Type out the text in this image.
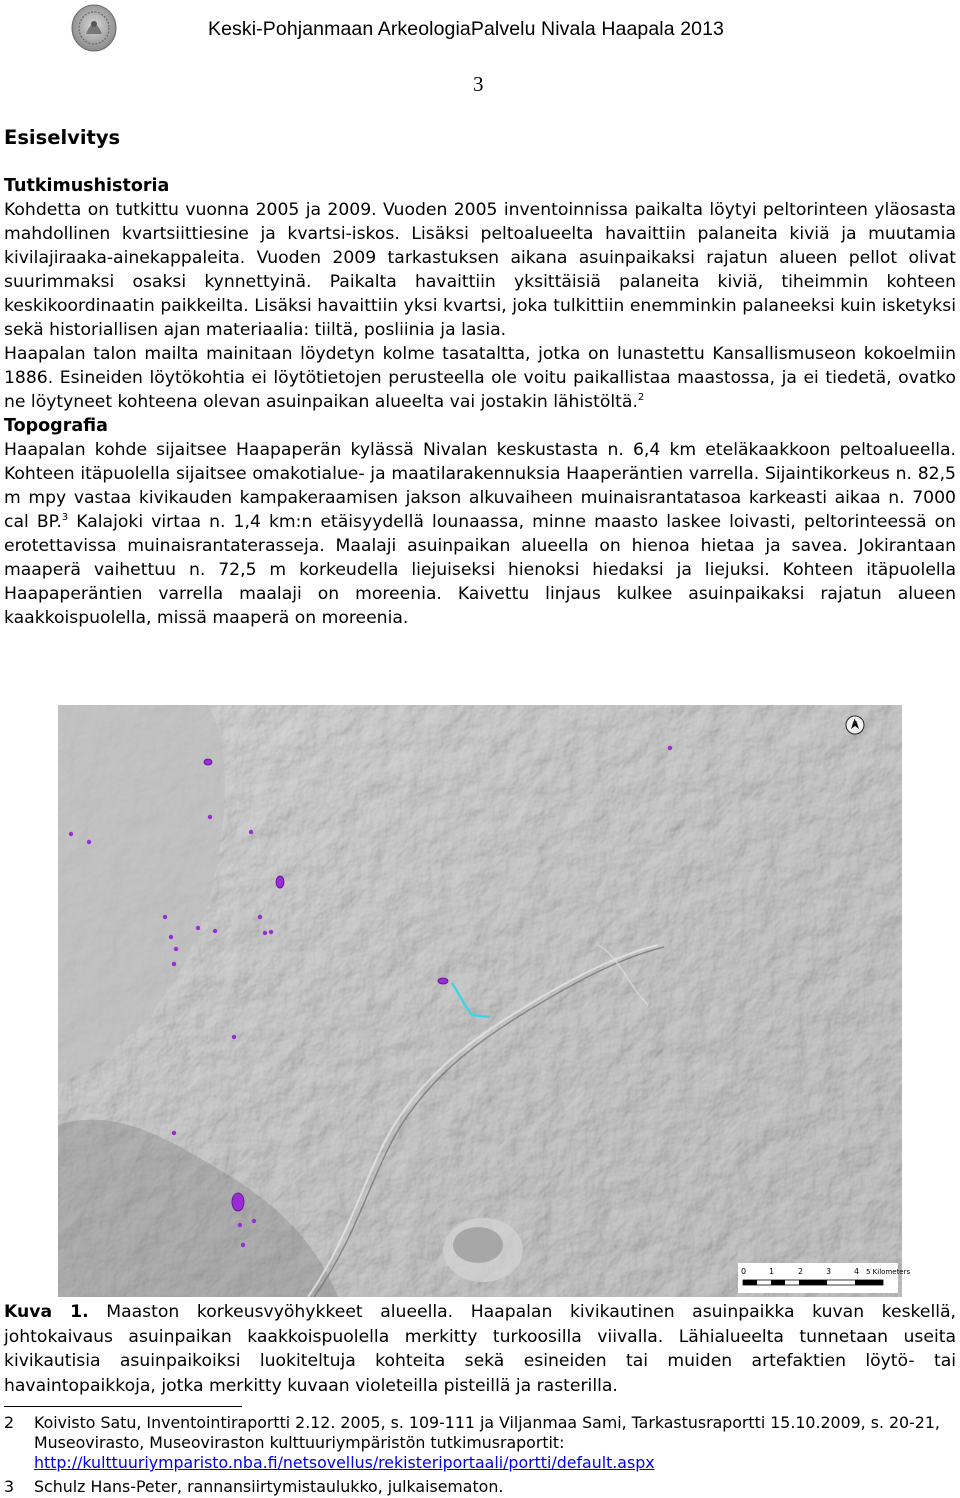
Keski-Pohjanmaan ArkeologiaPalvelu Nivala Haapala 2013
3
Esiselvitys
Tutkimushistoria

Kohdetta on tutkittu vuonna 2005 ja 2009. Vuoden 2005 inventoinnissa paikalta löytyi peltorinteen yläosasta mahdollinen kvartsiittiesine ja kvartsi-iskos. Lisäksi peltoalueelta havaittiin palaneita kiviä ja muutamia kivilajiraaka-ainekappaleita. Vuoden 2009 tarkastuksen aikana asuinpaikaksi rajatun alueen pellot olivat suurimmaksi osaksi kynnettyinä. Paikalta havaittiin yksittäisiä palaneita kiviä, tiheimmin kohteen keskikoordinaatin paikkeilta. Lisäksi havaittiin yksi kvartsi, joka tulkittiin enemminkin palaneeksi kuin isketyksi sekä historiallisen ajan materiaalia: tiiltä, posliinia ja lasia.

Haapalan talon mailta mainitaan löydetyn kolme tasataltta, jotka on lunastettu Kansallismuseon kokoelmiin 1886. Esineiden löytökohtia ei löytötietojen perusteella ole voitu paikallistaa maastossa, ja ei tiedetä, ovatko ne löytyneet kohteena olevan asuinpaikan alueelta vai jostakin lähistöltä.$^2$

Topografia

Haapalan kohde sijaitsee Haapaperän kylässä Nivalan keskustasta n. 6,4 km eteläkaakkoon peltoalueella. Kohteen itäpuolella sijaitsee omakotialue- ja maatilarakennuksia Haaperäntien varrella. Sijaintikorkeus n. 82,5 m mpy vastaa kivikauden kampakeraamisen jakson alkuvaiheen muinaisrantatasoa karkeasti aikaa n. 7000 cal BP.$^3$ Kalajoki virtaa n. 1,4 km:n etäisyydellä lounaassa, minne maasto laskee loivasti, peltorinteessä on erotettavissa muinaisrantaterasseja. Maalaji asuinpaikan alueella on hienoa hietaa ja savea. Jokirantaan maaperä vaihettuu n. 72,5 m korkeudella liejuiseksi hienoksi hiedaksi ja liejuksi. Kohteen itäpuolella Haapaperäntien varrella maalaji on moreenia. Kaivettu linjaus kulkee asuinpaikaksi rajatun alueen kaakkoispuolella, missä maaperä on moreenia.

N
0	1	2	3	4 5 Kilometers

Kuva 1. Maaston korkeusvyöhykkeet alueella. Haapalan kivikautinen asuinpaikka kuvan keskellä, johtokaivaus asuinpaikan kaakkoispuolella merkitty turkoosilla viivalla. Lähialueelta tunnetaan useita kivikautisia asuinpaikoiksi luokiteltuja kohteita sekä esineiden tai muiden artefaktien löytö- tai havaintopaikkoja, jotka merkitty kuvaan violeteilla pisteillä ja rasterilla.

2	Koivisto Satu, Inventointiraportti 2.12. 2005, s. 109-111 ja Viljanmaa Sami, Tarkastusraportti 15.10.2009, s. 20-21, Museovirasto, Museoviraston kulttuuriympäristön tutkimusraportit:
http://kulttuuriymparisto.nba.fi/netsovellus/rekisteriportaali/portti/default.aspx
3	Schulz Hans-Peter, rannansiirtymistaulukko, julkaisematon.
